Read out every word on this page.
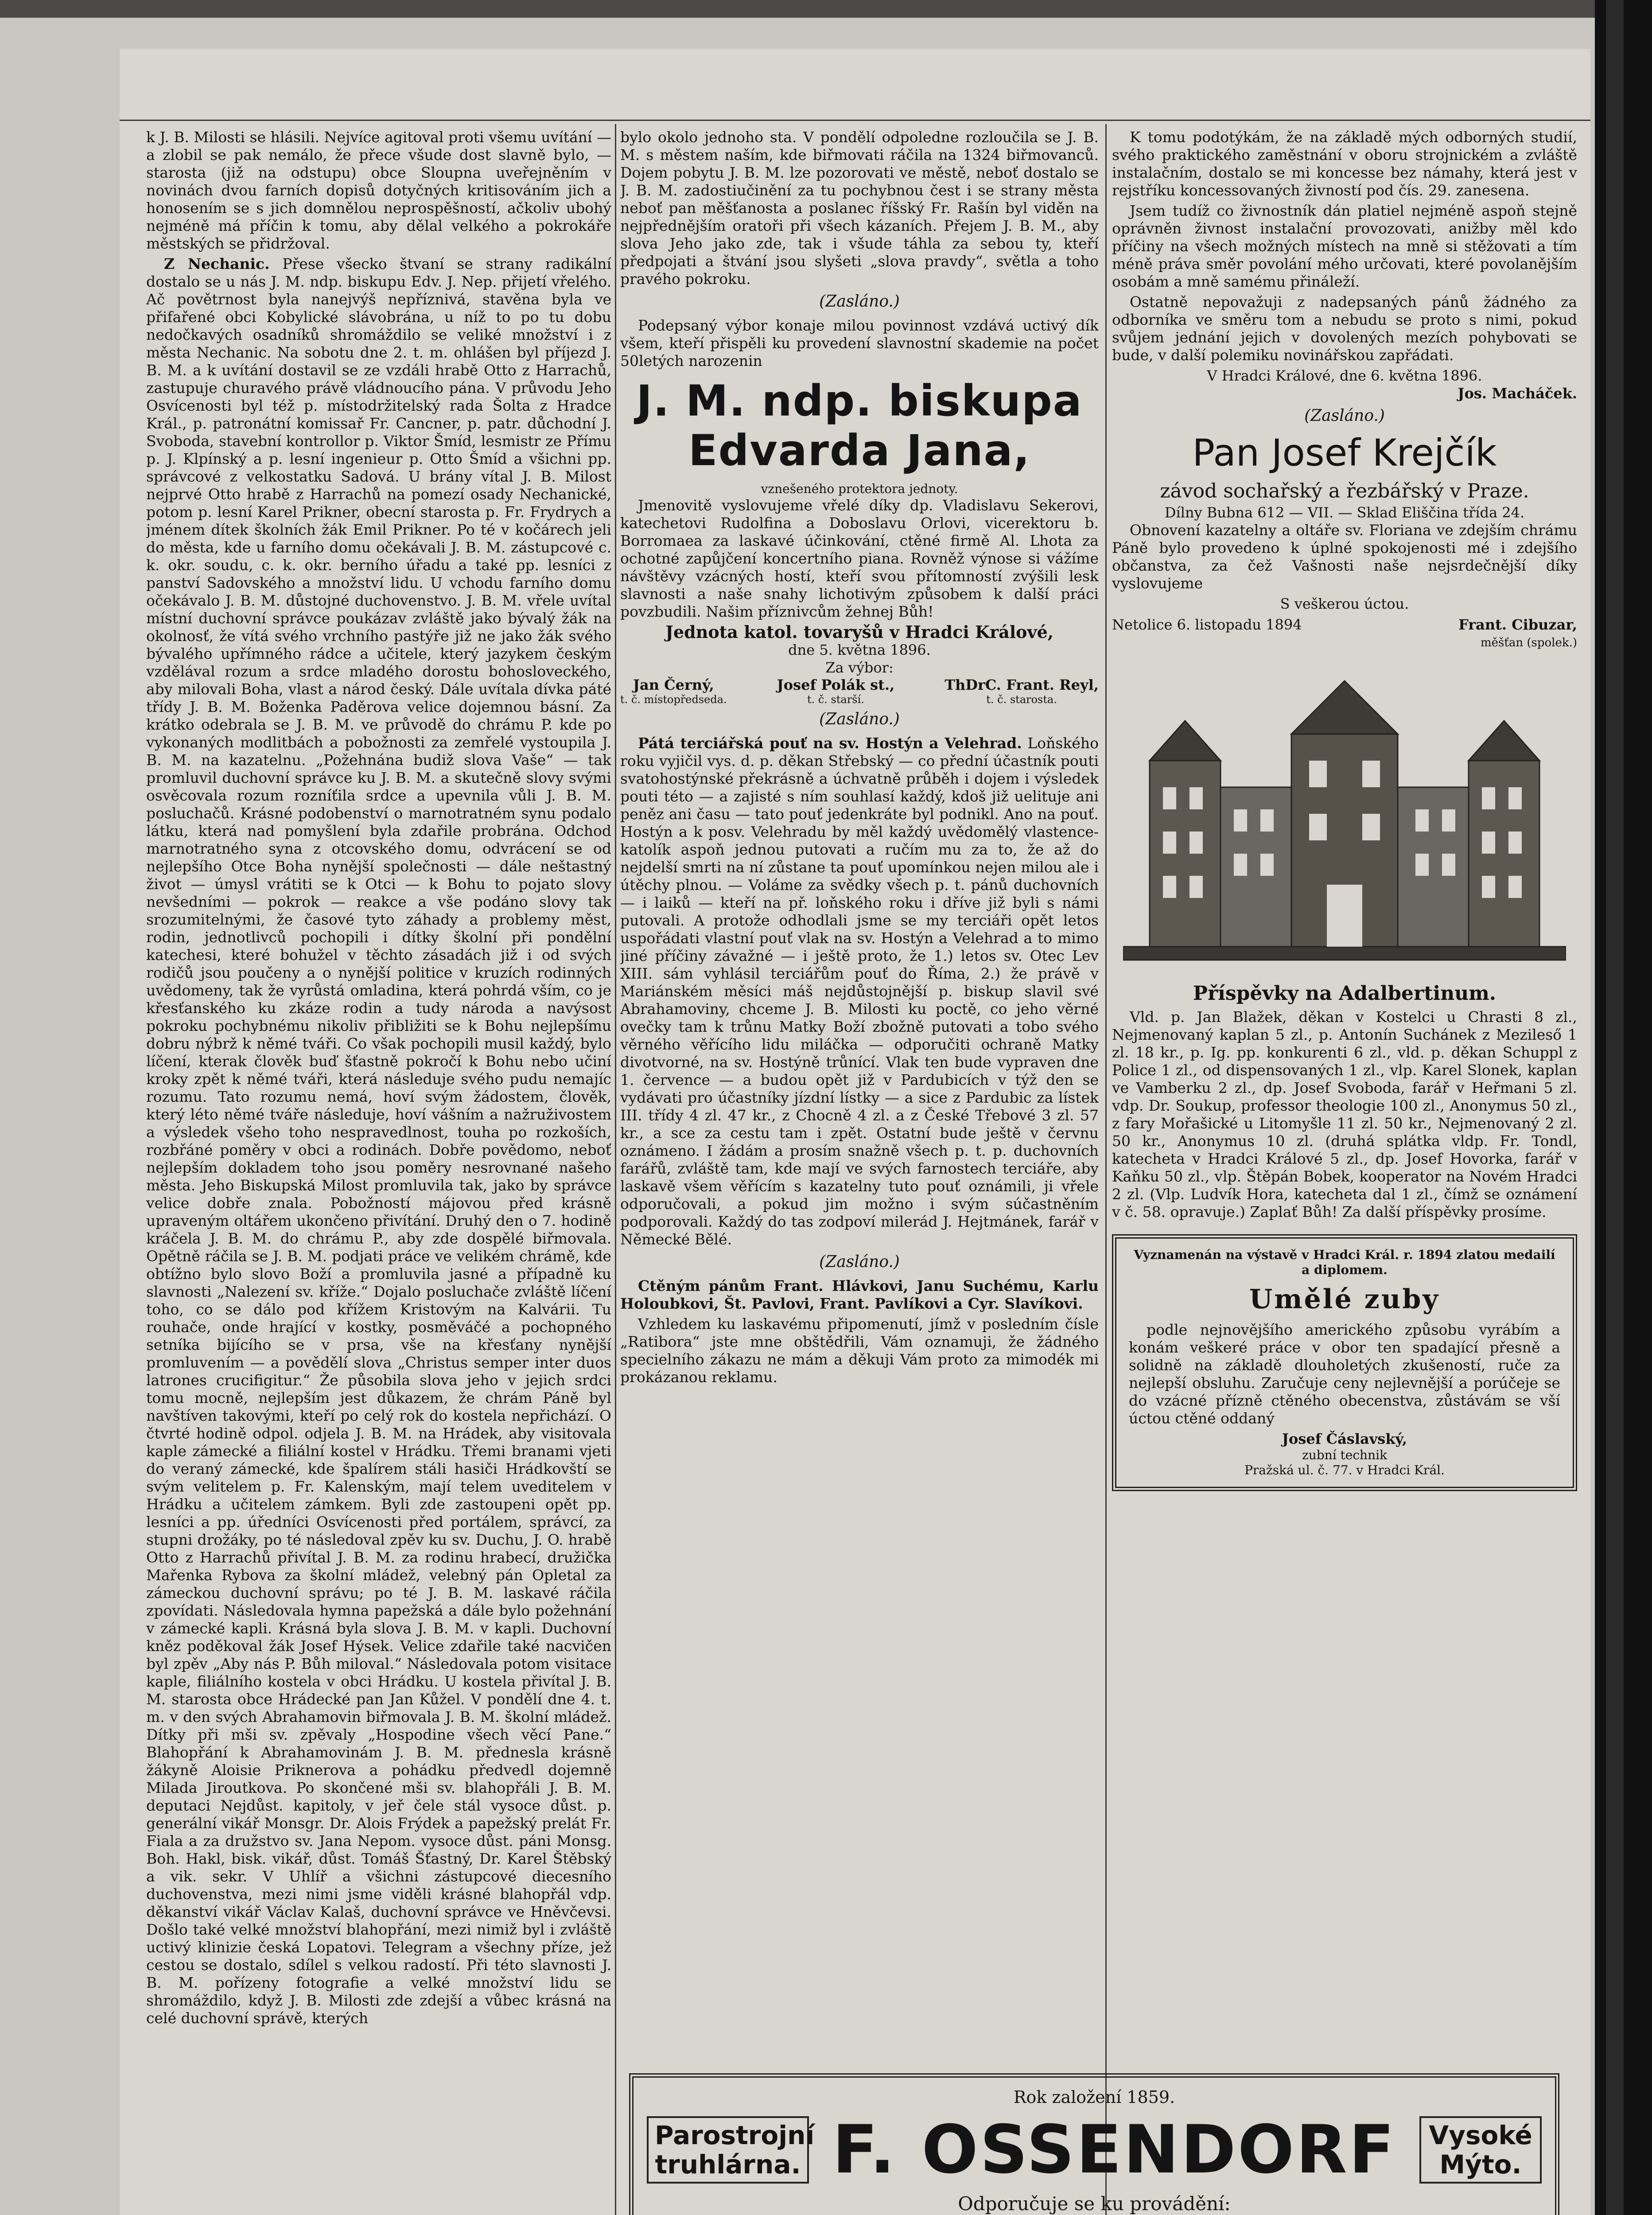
k J. B. Milosti se hlásili. Nejvíce agitoval proti všemu uvítání — a zlobil se pak nemálo, že přece všude dost slavně bylo, — starosta (již na odstupu) obce Sloupna uveřejněním v novinách dvou farních dopisů dotyčných kritisováním jich a honosením se s jich domnělou neprospěšností, ačkoliv ubohý nejméně má příčin k tomu, aby dělal velkého a pokrokáře městských se přidržoval.

Z Nechanic. Přese všecko štvaní se strany radikální dostalo se u nás J. M. ndp. biskupu Edv. J. Nep. přijetí vřelého. Ač povětrnost byla nanejvýš nepříznivá, stavěna byla ve přifařené obci Kobylické slávobrána, u níž to po tu dobu nedočkavých osadníků shromáždilo se veliké množství i z města Nechanic. Na sobotu dne 2. t. m. ohlášen byl příjezd J. B. M. a k uvítání dostavil se ze vzdáli hrabě Otto z Harrachů, zastupuje churavého právě vládnoucího pána. V průvodu Jeho Osvícenosti byl též p. místodržitelský rada Šolta z Hradce Král., p. patronátní komissař Fr. Cancner, p. patr. důchodní J. Svoboda, stavební kontrollor p. Viktor Šmíd, lesmistr ze Přímu p. J. Klpínský a p. lesní ingenieur p. Otto Šmíd a všichni pp. správcové z velkostatku Sadová. U brány vítal J. B. Milost nejprvé Otto hrabě z Harrachů na pomezí osady Nechanické, potom p. lesní Karel Prikner, obecní starosta p. Fr. Frydrych a jménem dítek školních žák Emil Prikner. Po té v kočárech jeli do města, kde u farního domu očekávali J. B. M. zástupcové c. k. okr. soudu, c. k. okr. berního úřadu a také pp. lesníci z panství Sadovského a množství lidu. U vchodu farního domu očekávalo J. B. M. důstojné duchovenstvo. J. B. M. vřele uvítal místní duchovní správce poukázav zvláště jako bývalý žák na okolnosť, že vítá svého vrchního pastýře již ne jako žák svého bývalého upřímného rádce a učitele, který jazykem českým vzdělával rozum a srdce mladého dorostu bohosloveckého, aby milovali Boha, vlast a národ český. Dále uvítala dívka páté třídy J. B. M. Boženka Paděrova velice dojemnou básní. Za krátko odebrala se J. B. M. ve průvodě do chrámu P. kde po vykonaných modlitbách a pobožnosti za zemřelé vystoupila J. B. M. na kazatelnu. „Požehnána budiž slova Vaše“ — tak promluvil duchovní správce ku J. B. M. a skutečně slovy svými osvěcovala rozum rozníťila srdce a upevnila vůli J. B. M. posluchačů. Krásné podobenství o marnotratném synu podalo látku, která nad pomyšlení byla zdařile probrána. Odchod marnotratného syna z otcovského domu, odvrácení se od nejlepšího Otce Boha nynější společnosti — dále neštastný život — úmysl vrátiti se k Otci — k Bohu to pojato slovy nevšedními — pokrok — reakce a vše podáno slovy tak srozumitelnými, že časové tyto záhady a problemy měst, rodin, jednotlivců pochopili i dítky školní při pondělní katechesi, které bohužel v těchto zásadách již i od svých rodičů jsou poučeny a o nynější politice v kruzích rodinných uvědomeny, tak že vyrůstá omladina, která pohrdá vším, co je křesťanského ku zkáze rodin a tudy národa a navýsost pokroku pochybnému nikoliv přibližiti se k Bohu nejlepšímu dobru nýbrž k němé tváři. Co však pochopili musil každý, bylo líčení, kterak člověk buď šťastně pokročí k Bohu nebo učiní kroky zpět k němé tváři, která následuje svého pudu nemajíc rozumu. Tato rozumu nemá, hoví svým žádostem, člověk, který léto němé tváře následuje, hoví vášním a nažruživostem a výsledek všeho toho nespravedlnost, touha po rozkoších, rozbřáné poměry v obci a rodinách. Dobře povědomo, neboť nejlepším dokladem toho jsou poměry nesrovnané našeho města. Jeho Biskupská Milost promluvila tak, jako by správce velice dobře znala. Pobožností májovou před krásně upraveným oltářem ukončeno přivítání. Druhý den o 7. hodině kráčela J. B. M. do chrámu P., aby zde dospělé biřmovala. Opětně ráčila se J. B. M. podjati práce ve velikém chrámě, kde obtížno bylo slovo Boží a promluvila jasné a případně ku slavnosti „Nalezení sv. kříže.“ Dojalo posluchače zvláště líčení toho, co se dálo pod křížem Kristovým na Kalvárii. Tu rouhače, onde hrající v kostky, posměváčé a pochopného setníka bijícího se v prsa, vše na křesťany nynější promluvením — a povědělí slova „Christus semper inter duos latrones crucifigitur.“ Že působila slova jeho v jejich srdci tomu mocně, nejlepším jest důkazem, že chrám Páně byl navštíven takovými, kteří po celý rok do kostela nepřichází. O čtvrté hodině odpol. odjela J. B. M. na Hrádek, aby visitovala kaple zámecké a filiální kostel v Hrádku. Třemi branami vjeti do veraný zámecké, kde špalírem stáli hasiči Hrádkovští se svým velitelem p. Fr. Kalenským, mají telem uveditelem v Hrádku a učitelem zámkem. Byli zde zastoupeni opět pp. lesníci a pp. úředníci Osvícenosti před portálem, správcí, za stupni drožáky, po té následoval zpěv ku sv. Duchu, J. O. hrabě Otto z Harrachů přivítal J. B. M. za rodinu hrabecí, družička Mařenka Rybova za školní mládež, velebný pán Opletal za zámeckou duchovní správu; po té J. B. M. laskavé ráčila zpovídati. Následovala hymna papežská a dále bylo požehnání v zámecké kapli. Krásná byla slova J. B. M. v kapli. Duchovní kněz poděkoval žák Josef Hýsek. Velice zdařile také nacvičen byl zpěv „Aby nás P. Bůh miloval.“ Následovala potom visitace kaple, filiálního kostela v obci Hrádku. U kostela přivítal J. B. M. starosta obce Hrádecké pan Jan Kůžel. V pondělí dne 4. t. m. v den svých Abrahamovin biřmovala J. B. M. školní mládež. Dítky při mši sv. zpěvaly „Hospodine všech věcí Pane.“ Blahopřání k Abrahamovinám J. B. M. přednesla krásně žákyně Aloisie Priknerova a pohádku předvedl dojemně Milada Jiroutkova. Po skončené mši sv. blahopřáli J. B. M. deputaci Nejdůst. kapitoly, v jeř čele stál vysoce důst. p. generální vikář Monsgr. Dr. Alois Frýdek a papežský prelát Fr. Fiala a za družstvo sv. Jana Nepom. vysoce důst. páni Monsg. Boh. Hakl, bisk. vikář, důst. Tomáš Šťastný, Dr. Karel Štěbský a vik. sekr. V Uhlíř a všichni zástupcové diecesního duchovenstva, mezi nimi jsme viděli krásné blahopřál vdp. děkanství vikář Václav Kalaš, duchovní správce ve Hněvčevsi. Došlo také velké množství blahopřání, mezi nimiž byl i zvláště uctivý klinizie česká Lopatovi. Telegram a všechny příze, jež cestou se dostalo, sdílel s velkou radostí. Při této slavnosti J. B. M. pořízeny fotografie a velké množství lidu se shromáždilo, když J. B. Milosti zde zdejší a vůbec krásná na celé duchovní správě, kterých

bylo okolo jednoho sta. V pondělí odpoledne rozloučila se J. B. M. s městem naším, kde biřmovati ráčila na 1324 biřmovanců. Dojem pobytu J. B. M. lze pozorovati ve městě, neboť dostalo se J. B. M. zadostiučinění za tu pochybnou čest i se strany města neboť pan měšťanosta a poslanec říšský Fr. Rašín byl viděn na nejpřednějším oratoři při všech kázaních. Přejem J. B. M., aby slova Jeho jako zde, tak i všude táhla za sebou ty, kteří předpojati a štvání jsou slyšeti „slova pravdy“, světla a toho pravého pokroku.

(Zasláno.)

Podepsaný výbor konaje milou povinnost vzdává uctivý dík všem, kteří přispěli ku provedení slavnostní skademie na počet 50letých narozenin

J. M. ndp. biskupa Edvarda Jana,
vznešeného protektora jednoty.

Jmenovitě vyslovujeme vřelé díky dp. Vladislavu Sekerovi, katechetovi Rudolfina a Doboslavu Orlovi, vicerektoru b. Borromaea za laskavé účinkování, ctěné firmě Al. Lhota za ochotné zapůjčení koncertního piana. Rovněž výnose si vážíme návštěvy vzácných hostí, kteří svou přítomností zvýšili lesk slavnosti a naše snahy lichotivým způsobem k další práci povzbudili. Našim příznivcům žehnej Bůh!

Jednota katol. tovaryšů v Hradci Králové,
dne 5. května 1896.
Za výbor:
Jan Černý,
t. č. místopředseda.
Josef Polák st.,
t. č. starší.
ThDrC. Frant. Reyl,
t. č. starosta.
(Zasláno.)

Pátá terciářská pouť na sv. Hostýn a Velehrad. Loňského roku vyjičil vys. d. p. děkan Střebský — co přední účastník pouti svatohostýnské překrásně a úchvatně průběh i dojem i výsledek pouti této — a zajisté s ním souhlasí každý, kdoš již uelituje ani peněz ani času — tato pouť jedenkráte byl podnikl. Ano na pouť. Hostýn a k posv. Velehradu by měl každý uvědomělý vlastence-katolík aspoň jednou putovati a ručím mu za to, že až do nejdelší smrti na ní zůstane ta pouť upomínkou nejen milou ale i útěchy plnou. — Voláme za svědky všech p. t. pánů duchovních — i laiků — kteří na př. loňského roku i dříve již byli s námi putovali. A protože odhodlali jsme se my terciáři opět letos uspořádati vlastní pouť vlak na sv. Hostýn a Velehrad a to mimo jiné příčiny závažné — i ještě proto, že 1.) letos sv. Otec Lev XIII. sám vyhlásil terciářům pouť do Říma, 2.) že právě v Mariánském měsíci máš nejdůstojnější p. biskup slavil své Abrahamoviny, chceme J. B. Milosti ku poctě, co jeho věrné ovečky tam k trůnu Matky Boží zbožně putovati a tobo svého věrného věřícího lidu miláčka — odporučiti ochraně Matky divotvorné, na sv. Hostýně trůnící. Vlak ten bude vypraven dne 1. července — a budou opět již v Pardubicích v týž den se vydávati pro účastníky jízdní lístky — a sice z Pardubic za lístek III. třídy 4 zl. 47 kr., z Chocně 4 zl. a z České Třebové 3 zl. 57 kr., a sce za cestu tam i zpět. Ostatní bude ještě v červnu oznámeno. I žádám a prosím snažně všech p. t. p. duchovních farářů, zvláště tam, kde mají ve svých farnostech terciáře, aby laskavě všem věřícím s kazatelny tuto pouť oznámili, ji vřele odporučovali, a pokud jim možno i svým súčastněním podporovali. Každý do tas zodpoví milerád J. Hejtmánek, farář v Německé Bělé.

(Zasláno.)

Ctěným pánům Frant. Hlávkovi, Janu Suchému, Karlu Holoubkovi, Št. Pavlovi, Frant. Pavlíkovi a Cyr. Slavíkovi.

Vzhledem ku laskavému připomenutí, jímž v posledním čísle „Ratibora“ jste mne obštědřili, Vám oznamuji, že žádného specielního zákazu ne mám a děkuji Vám proto za mimodék mi prokázanou reklamu.

K tomu podotýkám, že na základě mých odborných studií, svého praktického zaměstnání v oboru strojnickém a zvláště instalačním, dostalo se mi koncesse bez námahy, která jest v rejstříku koncessovaných živností pod čís. 29. zanesena.

Jsem tudíž co živnostník dán platiel nejméně aspoň stejně oprávněn živnost instalační provozovati, anižby měl kdo příčiny na všech možných místech na mně si stěžovati a tím méně práva směr povolání mého určovati, které povolanějším osobám a mně samému přináleží.

Ostatně nepovažuji z nadepsaných pánů žádného za odborníka ve směru tom a nebudu se proto s nimi, pokud svůjem jednání jejich v dovolených mezích pohybovati se bude, v další polemiku novinářskou zapřádati.

V Hradci Králové, dne 6. května 1896.
Jos. Macháček.
(Zasláno.)
Pan Josef Krejčík
závod sochařský a řezbářský v Praze.
Dílny Bubna 612 — VII. — Sklad Eliščina třída 24.

Obnovení kazatelny a oltáře sv. Floriana ve zdejším chrámu Páně bylo provedeno k úplné spokojenosti mé i zdejšího občanstva, za čež Vašnosti naše nejsrdečnější díky vyslovujeme

S veškerou úctou.
Netolice 6. listopadu 1894	Frant. Cibuzar,
měšťan (spolek.)
Příspěvky na Adalbertinum.

Vld. p. Jan Blažek, děkan v Kostelci u Chrasti 8 zl., Nejmenovaný kaplan 5 zl., p. Antonín Suchánek z Mezileső 1 zl. 18 kr., p. Ig. pp. konkurenti 6 zl., vld. p. děkan Schuppl z Police 1 zl., od dispensovaných 1 zl., vlp. Karel Slonek, kaplan ve Vamberku 2 zl., dp. Josef Svoboda, farář v Heřmani 5 zl. vdp. Dr. Soukup, professor theologie 100 zl., Anonymus 50 zl., z fary Mořašické u Litomyšle 11 zl. 50 kr., Nejmenovaný 2 zl. 50 kr., Anonymus 10 zl. (druhá splátka vldp. Fr. Tondl, katecheta v Hradci Králové 5 zl., dp. Josef Hovorka, farář v Kaňku 50 zl., vlp. Štěpán Bobek, kooperator na Novém Hradci 2 zl. (Vlp. Ludvík Hora, katecheta dal 1 zl., čímž se oznámení v č. 58. opravuje.) Zaplať Bůh! Za další příspěvky prosíme.

Vyznamenán na výstavě v Hradci Král. r. 1894 zlatou medailí a diplomem.
Umělé zuby

podle nejnovějšího amerického způsobu vyrábím a konám veškeré práce v obor ten spadající přesně a solidně na základě dlouholetých zkušeností, ruče za nejlepší obsluhu. Zaručuje ceny nejlevnější a porúčeje se do vzácné přízně ctěného obecenstva, zůstávám se vší úctou ctěné oddaný

Josef Čáslavský,
zubní technik
Pražská ul. č. 77. v Hradci Král.
Rok založení 1859.
Parostrojní truhlárna. F. OSSENDORF	Vysoké Mýto.
Odporučuje se ku provádění:
